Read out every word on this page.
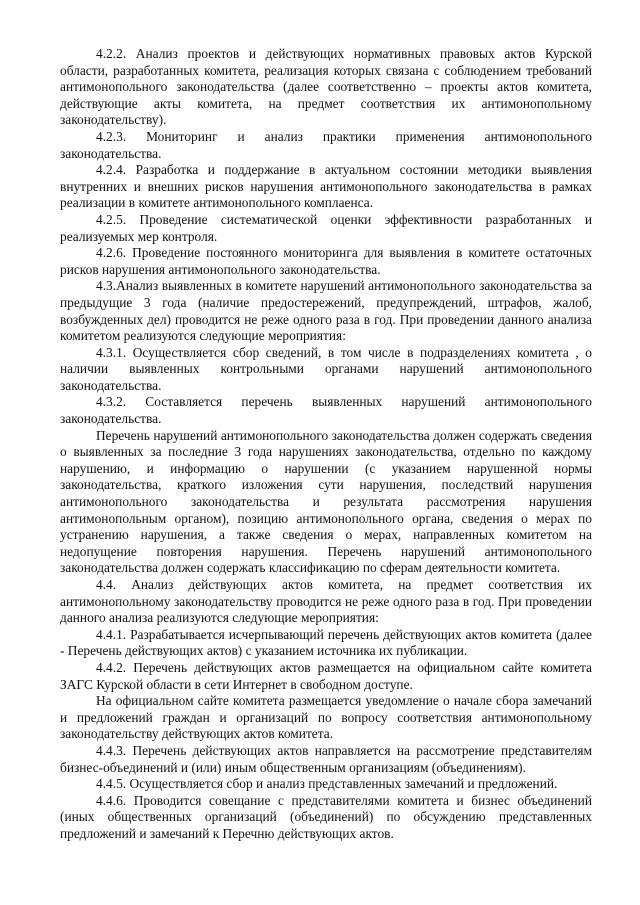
4.2.2. Анализ проектов и действующих нормативных правовых актов Курской области, разработанных комитета, реализация которых связана с соблюдением требований антимонопольного законодательства (далее соответственно – проекты актов комитета, действующие акты комитета, на предмет соответствия их антимонопольному законодательству).

4.2.3. Мониторинг и анализ практики применения антимонопольного законодательства.

4.2.4. Разработка и поддержание в актуальном состоянии методики выявления внутренних и внешних рисков нарушения антимонопольного законодательства в рамках реализации в комитете антимонопольного комплаенса.

4.2.5. Проведение систематической оценки эффективности разработанных и реализуемых мер контроля.

4.2.6. Проведение постоянного мониторинга для выявления в комитете остаточных рисков нарушения антимонопольного законодательства.

4.3.Анализ выявленных в комитете нарушений антимонопольного законодательства за предыдущие 3 года (наличие предостережений, предупреждений, штрафов, жалоб, возбужденных дел) проводится не реже одного раза в год. При проведении данного анализа комитетом реализуются следующие мероприятия:

4.3.1. Осуществляется сбор сведений, в том числе в подразделениях комитета , о наличии выявленных контрольными органами нарушений антимонопольного законодательства.

4.3.2. Составляется перечень выявленных нарушений антимонопольного законодательства.

Перечень нарушений антимонопольного законодательства должен содержать сведения о выявленных за последние 3 года нарушениях законодательства, отдельно по каждому нарушению, и информацию о нарушении (с указанием нарушенной нормы законодательства, краткого изложения сути нарушения, последствий нарушения антимонопольного законодательства и результата рассмотрения нарушения антимонопольным органом), позицию антимонопольного органа, сведения о мерах по устранению нарушения, а также сведения о мерах, направленных комитетом на недопущение повторения нарушения. Перечень нарушений антимонопольного законодательства должен содержать классификацию по сферам деятельности комитета.

4.4. Анализ действующих актов комитета, на предмет соответствия их антимонопольному законодательству проводится не реже одного раза в год. При проведении данного анализа реализуются следующие мероприятия:

4.4.1. Разрабатывается исчерпывающий перечень действующих актов комитета (далее - Перечень действующих актов) с указанием источника их публикации.

4.4.2. Перечень действующих актов размещается на официальном сайте комитета ЗАГС Курской области в сети Интернет в свободном доступе.

На официальном сайте комитета размещается уведомление о начале сбора замечаний и предложений граждан и организаций по вопросу соответствия антимонопольному законодательству действующих актов комитета.

4.4.3. Перечень действующих актов направляется на рассмотрение представителям бизнес-объединений и (или) иным общественным организациям (объединениям).

4.4.5. Осуществляется сбор и анализ представленных замечаний и предложений.

4.4.6. Проводится совещание с представителями комитета и бизнес объединений (иных общественных организаций (объединений) по обсуждению представленных предложений и замечаний к Перечню действующих актов.
